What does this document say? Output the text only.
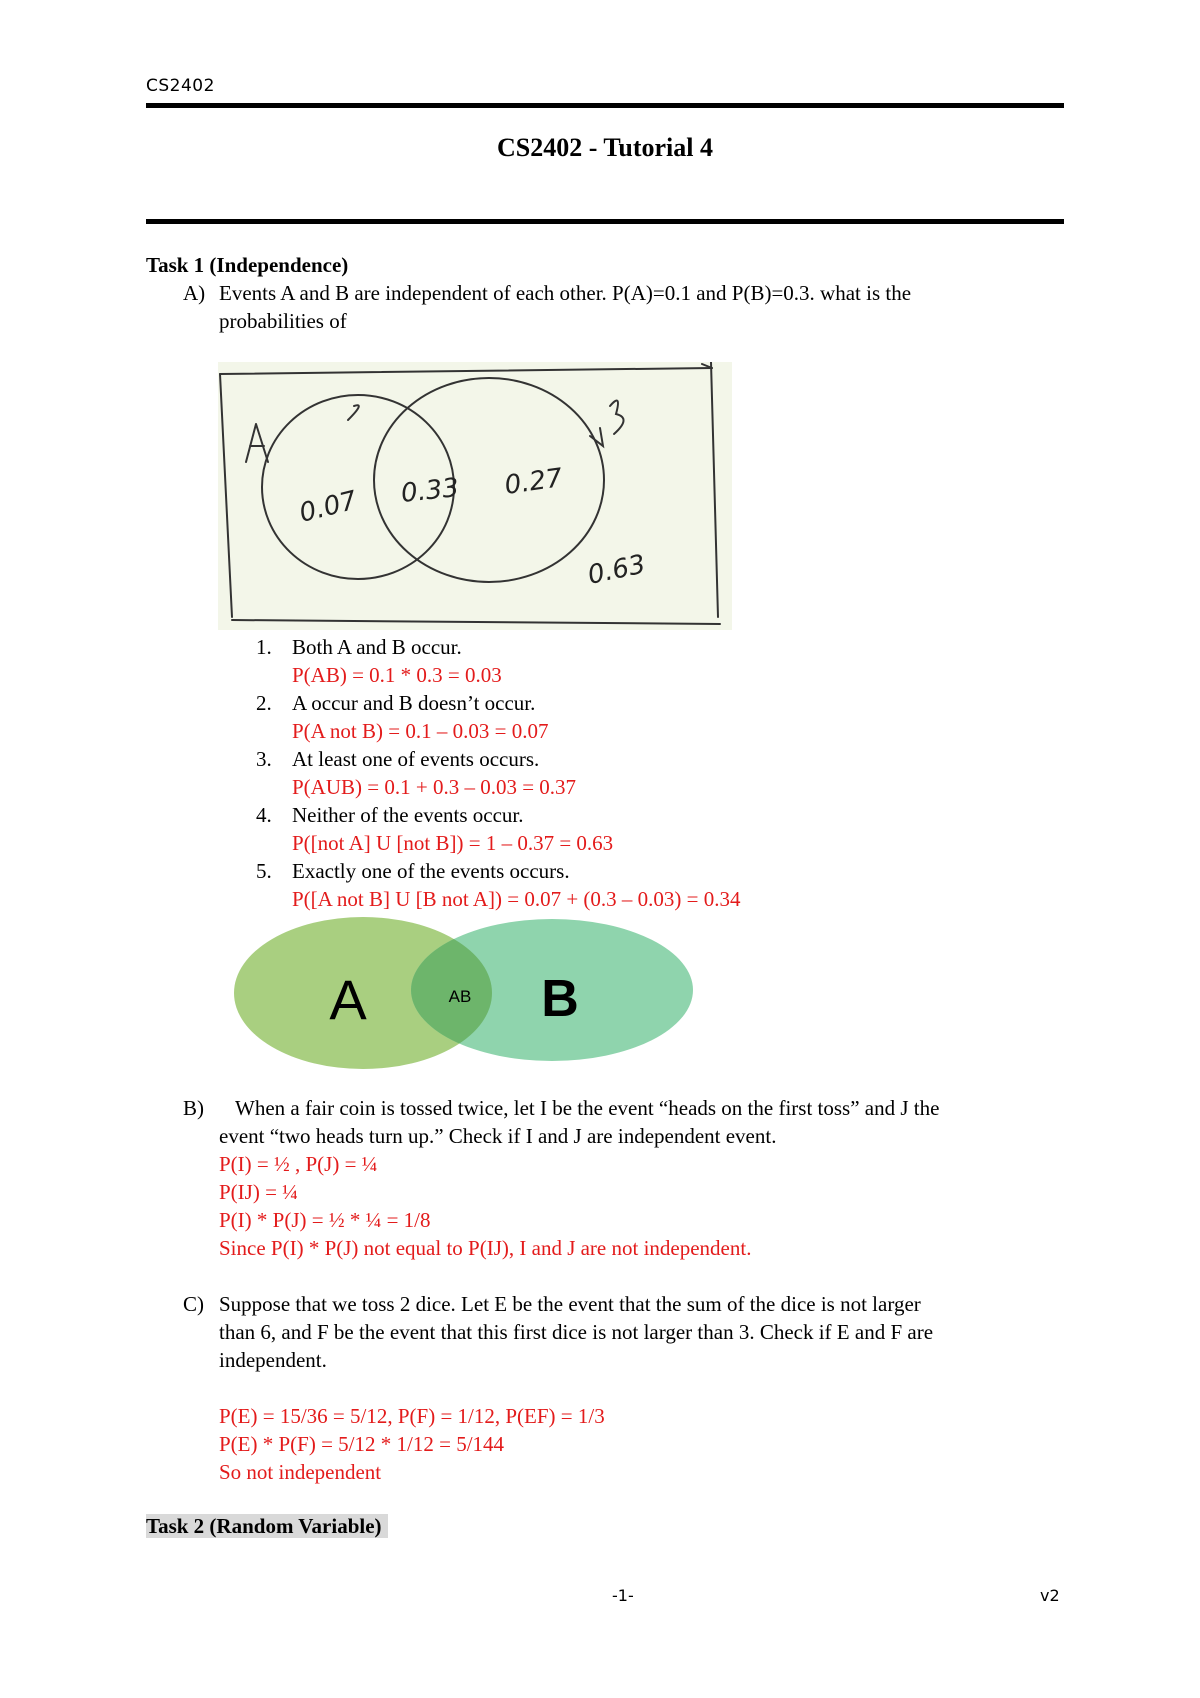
CS2402
CS2402 - Tutorial 4
Task 1 (Independence)
A) Events A and B are independent of each other. P(A)=0.1 and P(B)=0.3. what is the
probabilities of
0.07 0.33 0.27
0.63
1. Both A and B occur.
P(AB) = 0.1 * 0.3 = 0.03
2. A occur and B doesn’t occur.
P(A not B) = 0.1 – 0.03 = 0.07
3. At least one of events occurs.
P(AUB) = 0.1 + 0.3 – 0.03 = 0.37
4. Neither of the events occur.
P([not A] U [not B]) = 1 – 0.37 = 0.63
5. Exactly one of the events occurs.
P([A not B] U [B not A]) = 0.07 + (0.3 – 0.03) = 0.34
A	AB B
B) When a fair coin is tossed twice, let I be the event “heads on the first toss” and J the
event “two heads turn up.” Check if I and J are independent event.
P(I) = ½ , P(J) = ¼
P(IJ) = ¼
P(I) * P(J) = ½ * ¼ = 1/8
Since P(I) * P(J) not equal to P(IJ), I and J are not independent.
C) Suppose that we toss 2 dice. Let E be the event that the sum of the dice is not larger
than 6, and F be the event that this first dice is not larger than 3. Check if E and F are
independent.
P(E) = 15/36 = 5/12, P(F) = 1/12, P(EF) = 1/3
P(E) * P(F) = 5/12 * 1/12 = 5/144
So not independent
Task 2 (Random Variable)
-1-	v2
